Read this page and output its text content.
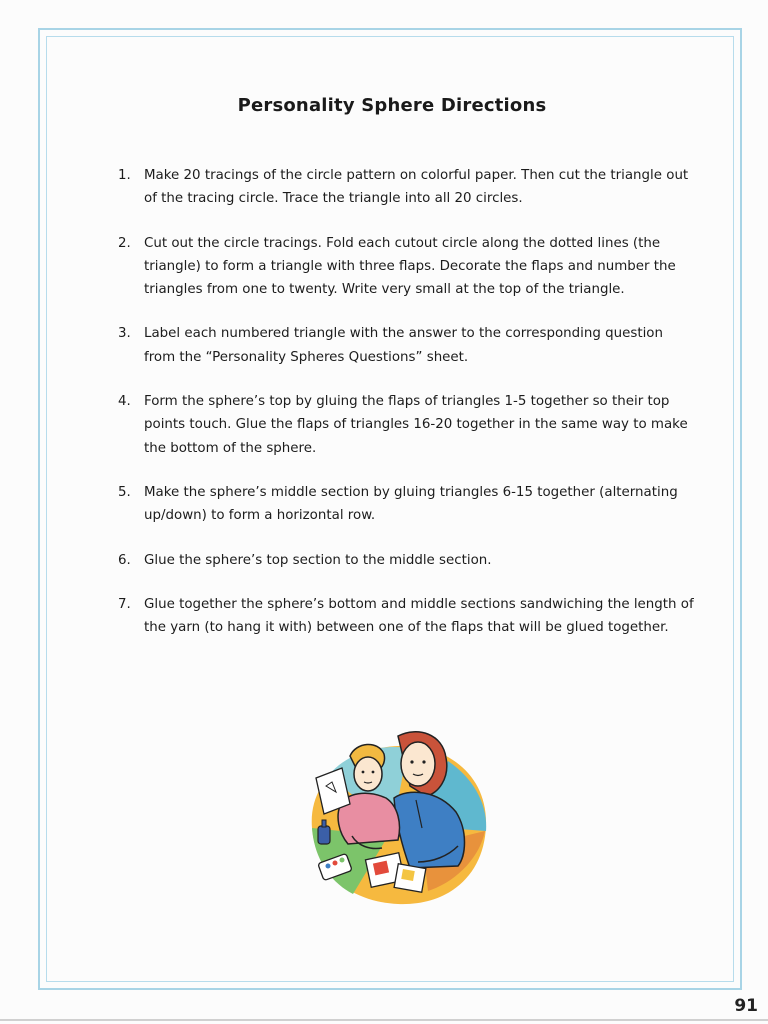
Personality Sphere Directions
1. Make 20 tracings of the circle pattern on colorful paper. Then cut the triangle out of the tracing circle. Trace the triangle into all 20 circles.
2. Cut out the circle tracings. Fold each cutout circle along the dotted lines (the triangle) to form a triangle with three flaps. Decorate the flaps and number the triangles from one to twenty. Write very small at the top of the triangle.
3. Label each numbered triangle with the answer to the corresponding question from the “Personality Spheres Questions” sheet.
4. Form the sphere’s top by gluing the flaps of triangles 1-5 together so their top points touch. Glue the flaps of triangles 16-20 together in the same way to make the bottom of the sphere.
5. Make the sphere’s middle section by gluing triangles 6-15 together (alternating up/down) to form a horizontal row.
6. Glue the sphere’s top section to the middle section.
7. Glue together the sphere’s bottom and middle sections sandwiching the length of the yarn (to hang it with) between one of the flaps that will be glued together.
91
